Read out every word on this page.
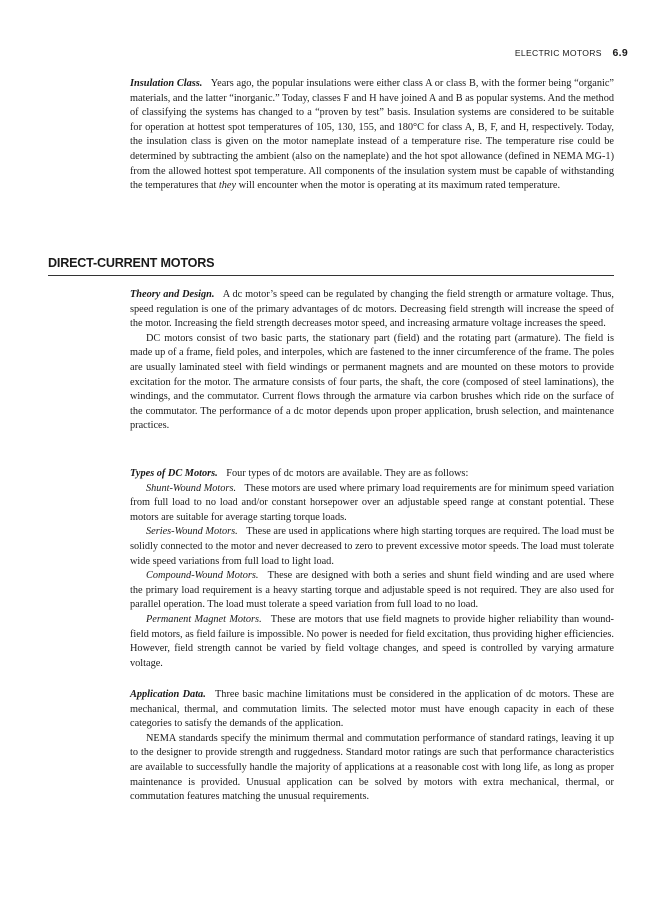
ELECTRIC MOTORS 6.9

Insulation Class. Years ago, the popular insulations were either class A or class B, with the former being “organic” materials, and the latter “inorganic.” Today, classes F and H have joined A and B as popular systems. And the method of classifying the systems has changed to a “proven by test” basis. Insulation systems are considered to be suitable for operation at hottest spot temperatures of 105, 130, 155, and 180°C for class A, B, F, and H, respectively. Today, the insulation class is given on the motor nameplate instead of a temperature rise. The temperature rise could be determined by subtracting the ambient (also on the nameplate) and the hot spot allowance (defined in NEMA MG-1) from the allowed hottest spot temperature. All components of the insulation system must be capable of withstanding the temperatures that they will encounter when the motor is operating at its maximum rated temperature.

DIRECT-CURRENT MOTORS

Theory and Design. A dc motor’s speed can be regulated by changing the field strength or armature voltage. Thus, speed regulation is one of the primary advantages of dc motors. Decreasing field strength will increase the speed of the motor. Increasing the field strength decreases motor speed, and increasing armature voltage increases the speed.

DC motors consist of two basic parts, the stationary part (field) and the rotating part (armature). The field is made up of a frame, field poles, and interpoles, which are fastened to the inner circumference of the frame. The poles are usually laminated steel with field windings or permanent magnets and are mounted on these motors to provide excitation for the motor. The armature consists of four parts, the shaft, the core (composed of steel laminations), the windings, and the commutator. Current flows through the armature via carbon brushes which ride on the surface of the commutator. The performance of a dc motor depends upon proper application, brush selection, and maintenance practices.

Types of DC Motors. Four types of dc motors are available. They are as follows:

Shunt-Wound Motors. These motors are used where primary load requirements are for minimum speed variation from full load to no load and/or constant horsepower over an adjustable speed range at constant potential. These motors are suitable for average starting torque loads.

Series-Wound Motors. These are used in applications where high starting torques are required. The load must be solidly connected to the motor and never decreased to zero to prevent excessive motor speeds. The load must tolerate wide speed variations from full load to light load.

Compound-Wound Motors. These are designed with both a series and shunt field winding and are used where the primary load requirement is a heavy starting torque and adjustable speed is not required. They are also used for parallel operation. The load must tolerate a speed variation from full load to no load.

Permanent Magnet Motors. These are motors that use field magnets to provide higher reliability than wound-field motors, as field failure is impossible. No power is needed for field excitation, thus providing higher efficiencies. However, field strength cannot be varied by field voltage changes, and speed is controlled by varying armature voltage.

Application Data. Three basic machine limitations must be considered in the application of dc motors. These are mechanical, thermal, and commutation limits. The selected motor must have enough capacity in each of these categories to satisfy the demands of the application.

NEMA standards specify the minimum thermal and commutation performance of standard ratings, leaving it up to the designer to provide strength and ruggedness. Standard motor ratings are such that performance characteristics are available to successfully handle the majority of applications at a reasonable cost with long life, as long as proper maintenance is provided. Unusual application can be solved by motors with extra mechanical, thermal, or commutation features matching the unusual requirements.
